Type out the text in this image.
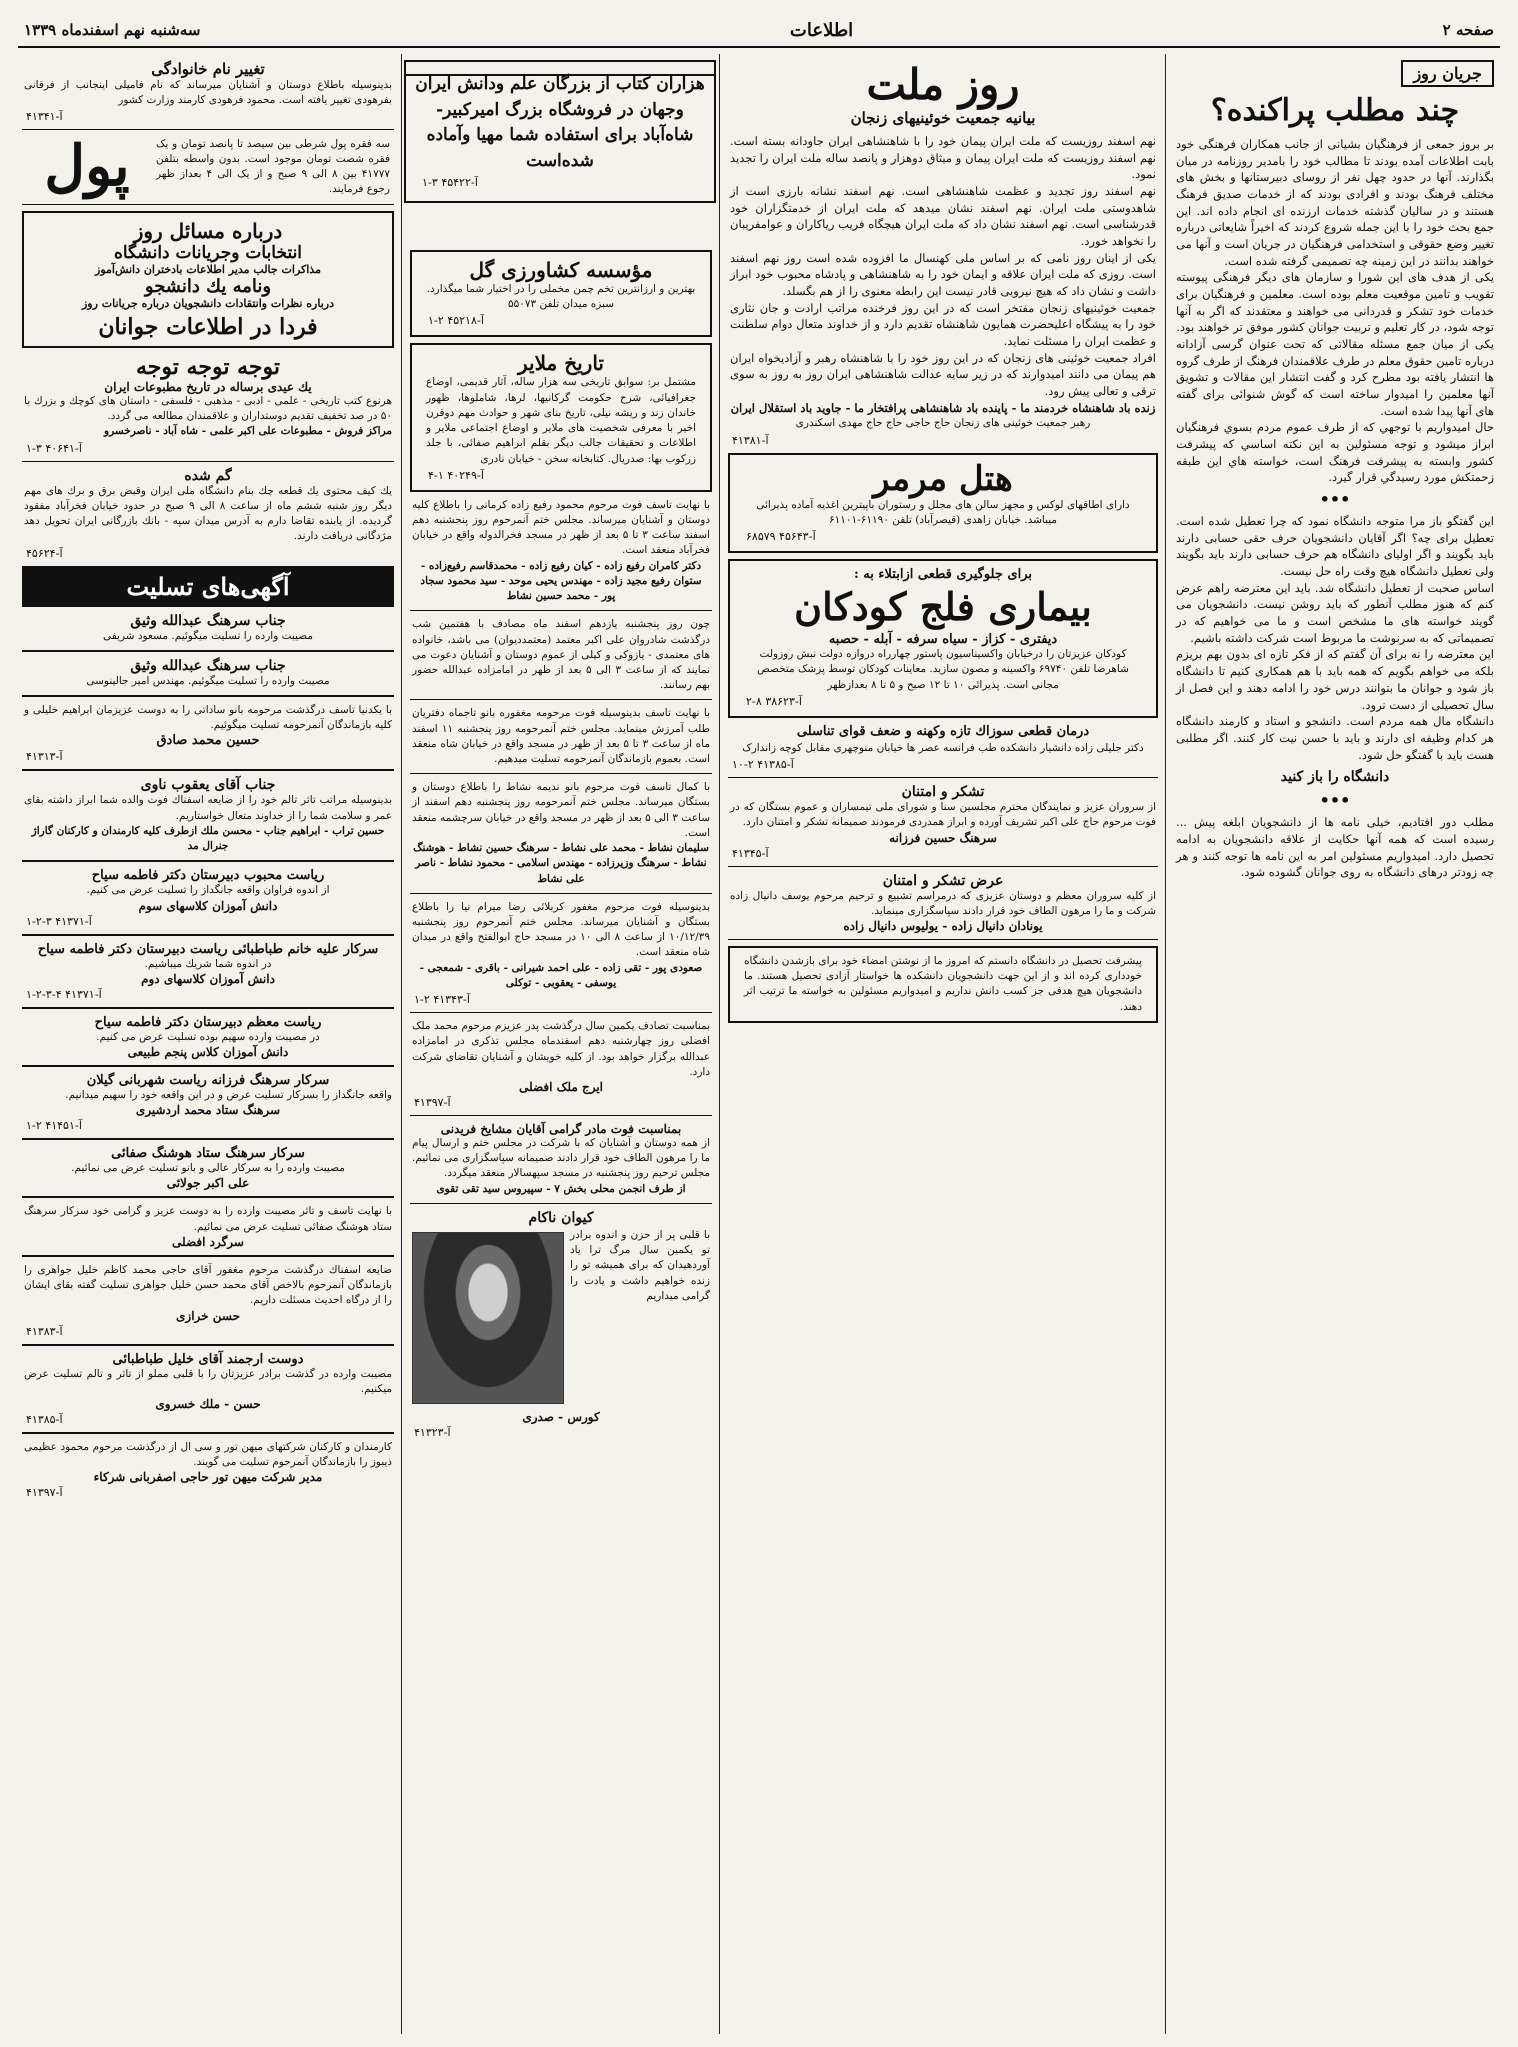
صفحه ۲
اطلاعات
سه‌شنبه نهم اسفندماه ۱۳۳۹
جریان روز
چند مطلب پراکنده؟

بر بروز جمعی از فرهنگیان بشیانی از جانب همکاران فرهنگی خود بابت اطلاعات آمده بودند تا مطالب خود را بامدیر روزنامه در میان بگذارند. آنها در حدود چهل نفر از روسای دبیرستانها و بخش های مختلف فرهنگ بودند و افرادی بودند که از خدمات صدیق فرهنگ هستند و در سالیان گذشته خدمات ارزنده ای انجام داده اند. این جمع بحث خود را با این جمله شروع کردند که اخیراً شایعاتی درباره تغییر وضع حقوقی و استخدامی فرهنگیان در جریان است و آنها می خواهند بدانند در این زمینه چه تصمیمی گرفته شده است.

یکی از هدف های این شورا و سازمان های دیگر فرهنگی پیوسته تقویب و تامین موقعیت معلم بوده است. معلمین و فرهنگیان برای خدمات خود تشکر و قدردانی می خواهند و معتقدند که اگر به آنها توجه شود، در کار تعلیم و تربیت جوانان کشور موفق تر خواهند بود.

یکی از میان جمع مسئله مقالاتی که تحت عنوان گرسی آزادانه درباره تامین حقوق معلم در طرف علاقمندان فرهنگ از طرف گروه ها انتشار یافته بود مطرح کرد و گفت انتشار این مقالات و تشویق آنها معلمین را امیدوار ساخته است که گوش شنوائی برای گفته های آنها پیدا شده است.

حال اميدواريم با توجهي كه از طرف عموم مردم بسوي فرهنگيان ابراز ميشود و توجه مسئولين به اين نكته اساسي كه پيشرفت كشور وابسته به پيشرفت فرهنگ است، خواسته هاي اين طبقه زحمتكش مورد رسيدگي قرار گيرد.

•••

این گفتگو باز مرا متوجه دانشگاه نمود که چرا تعطیل شده است. تعطیل برای چه؟ اگر آقایان دانشجویان حرف حقی حسابی دارند باید بگویند و اگر اولیای دانشگاه هم حرف حسابی دارند باید بگویند ولی تعطیل دانشگاه هیچ وقت راه حل نیست.

اساس صحبت از تعطیل دانشگاه شد. باید این معترضه راهم عرض کنم که هنوز مطلب آنطور که باید روشن نیست. دانشجویان می گویند خواسته های ما مشخص است و ما می خواهیم که در تصمیماتی که به سرنوشت ما مربوط است شرکت داشته باشیم.

این معترضه را نه برای آن گفتم که از فکر تازه ای بدون بهم بریزم بلکه می خواهم بگویم که همه باید با هم همکاری کنیم تا دانشگاه باز شود و جوانان ما بتوانند درس خود را ادامه دهند و این فصل از سال تحصیلی از دست نرود.

دانشگاه مال همه مردم است. دانشجو و استاد و کارمند دانشگاه هر کدام وظیفه ای دارند و باید با حسن نیت کار کنند. اگر مطلبی هست باید با گفتگو حل شود.

دانشگاه را باز کنید
•••

مطلب دور افتادیم، خیلی نامه ها از دانشجویان ابلغه پیش ... رسیده است که همه آنها حکایت از علاقه دانشجویان به ادامه تحصیل دارد. امیدواریم مسئولین امر به این نامه ها توجه کنند و هر چه زودتر درهای دانشگاه به روی جوانان گشوده شود.

روز ملت
بیانیه جمعیت خوئینیهای زنجان

نهم اسفند روزیست که ملت ایران پیمان خود را با شاهنشاهی ایران جاودانه بسته است. نهم اسفند روزیست که ملت ایران پیمان و میثاق دوهزار و پانصد ساله ملت ایران را تجدید نمود.

نهم اسفند روز تجدید و عظمت شاهنشاهی است. نهم اسفند نشانه بارزی است از شاهدوستی ملت ایران. نهم اسفند نشان میدهد که ملت ایران از خدمتگزاران خود قدرشناسی است. نهم اسفند نشان داد که ملت ایران هیچگاه فریب ریاکاران و عوامفریبان را نخواهد خورد.

یکی از اینان روز نامی که بر اساس ملی کهنسال ما افزوده شده است روز نهم اسفند است. روزی که ملت ایران علاقه و ایمان خود را به شاهنشاهی و پادشاه محبوب خود ابراز داشت و نشان داد که هیچ نیرویی قادر نیست این رابطه معنوی را از هم بگسلد.

جمعیت خوئینیهای زنجان مفتخر است که در این روز فرخنده مراتب ارادت و جان نثاری خود را به پیشگاه اعلیحضرت همایون شاهنشاه تقدیم دارد و از خداوند متعال دوام سلطنت و عظمت ایران را مسئلت نماید.

افراد جمعیت خوئینی های زنجان که در این روز خود را با شاهنشاه رهبر و آزادیخواه ایران هم پیمان می دانند امیدوارند که در زیر سایه عدالت شاهنشاهی ایران روز به روز به سوی ترقی و تعالی پیش رود.

زنده باد شاهنشاه خردمند ما - پاینده باد شاهنشاهی پرافتخار ما - جاوید باد استقلال ایران

رهبر جمعیت خوئینی های زنجان حاج حاجی حاج حاج مهدی اسکندری

آ-۴۱۳۸۱
هتل مرمر

دارای اطاقهای لوکس و مجهز سالن های مجلل و رستوران باپیترین اغذیه آماده پذیرائی میباشد. خیابان زاهدی (قیصرآباد) تلفن ۶۱۱۹۰-۶۱۱۰۱

آ-۴۵۶۴۳ ۶۸۵۷۹
برای جلوگیری قطعی ازابتلاء به :
بیماری فلج کودکان
دیفتری - کزاز - سیاه سرفه - آبله - حصبه

کودکان عزیزتان را درخیابان واکسیناسیون پاستور چهارراه دروازه دولت نبش روزولت شاهرضا تلفن ۶۹۷۴۰ واکسینه و مصون سازید. معاینات کودکان توسط پزشک متخصص مجانی است. پذیرائی ۱۰ تا ۱۲ صبح و ۵ تا ۸ بعدازظهر

آ-۳۸۶۲۳ ۸-۲
درمان قطعی سوزاك تازه وکهنه و ضعف قوای تناسلی

دکتر جلیلی زاده دانشیار دانشکده طب فرانسه عصر ها خیابان منوچهری مقابل کوچه زاندارک

آ-۴۱۳۸۵ ۲-۱۰
تشکر و امتنان

از سروران عزیز و نمایندگان محترم مجلسین سنا و شورای ملی تیمساران و عموم بستگان که در فوت مرحوم حاج علی اکبر تشریف آورده و ابراز همدردی فرمودند صمیمانه تشکر و امتنان دارد.

سرهنگ حسین فرزانه
آ-۴۱۳۴۵
عرض تشکر و امتنان

از کلیه سروران معظم و دوستان عزیزی که درمراسم تشییع و ترحیم مرحوم یوسف دانیال زاده شرکت و ما را مرهون الطاف خود قرار دادند سپاسگزاری مینماید.

یونادان دانیال زاده - یولیوس دانیال زاده

پیشرفت تحصیل در دانشگاه دانستم که امروز ما از نوشتن امضاء خود برای بازشدن دانشگاه خودداری کرده اند و از این جهت دانشجویان دانشکده ها خواستار آزادی تحصیل هستند. ما دانشجویان هیچ هدفی جز کسب دانش نداریم و امیدواریم مسئولین به خواسته ما ترتیب اثر دهند.

هزاران کتاب از بزرگان علم ودانش ایران وجهان در فروشگاه بزرگ امیرکبیر- شاه‌آباد برای استفاده شما مهیا وآماده شده‌است
آ-۴۵۴۲۲ ۳-۱
مؤسسه کشاورزی گل

بهترین و ارزانترین تخم چمن مخملی را در اختیار شما میگذارد. سبزه میدان تلفن ۵۵۰۷۳

آ-۴۵۲۱۸ ۲-۱
تاریخ ملایر

مشتمل بر: سوابق تاریخی سه هزار ساله، آثار قدیمی، اوضاع جغرافیائی، شرح حکومت گرکانیها، لرها، شاملوها، ظهور خاندان زند و ریشه نیلی، تاریخ بنای شهر و حوادث مهم دوقرن اخیر با معرفی شخصیت های ملایر و اوضاع اجتماعی ملایر و اطلاعات و تحقیقات جالب دیگر بقلم ابراهیم صفائی، با جلد زرکوب بها: صدریال. کتابخانه سخن - خیابان نادری

آ-۴۰۲۴۹ ۱-۴

با نهایت تاسف فوت مرحوم محمود رفیع زاده کرمانی را باطلاع کلیه دوستان و آشنایان میرساند. مجلس ختم آنمرحوم روز پنجشنبه دهم اسفند ساعت ۳ تا ۵ بعد از ظهر در مسجد فخرالدوله واقع در خیابان فخرآباد منعقد است.

دکتر کامران رفیع زاده - کیان رفیع زاده - محمدقاسم رفیع‌زاده - ستوان رفیع مجید زاده - مهندس یحیی موحد - سید محمود سجاد پور - محمد حسین نشاط

چون روز پنجشنبه یازدهم اسفند ماه مصادف با هفتمین شب درگذشت شادروان علی اکبر معتمد (معتمددیوان) می باشد، خانواده های معتمدی - یازوکی و کیلی از عموم دوستان و آشنایان دعوت می نمایند که از ساعت ۳ الی ۵ بعد از ظهر در امامزاده عبدالله حضور بهم رسانند.

با نهایت تاسف بدینوسیله فوت مرحومه مغفوره بانو تاجماه دفتریان طلب آمرزش مینماید. مجلس ختم آنمرحومه روز پنجشنبه ۱۱ اسفند ماه از ساعت ۳ تا ۵ بعد از ظهر در مسجد واقع در خیابان شاه منعقد است. بعموم بازماندگان آنمرحومه تسلیت میدهیم.

با کمال تاسف فوت مرحوم بانو ندیمه نشاط را باطلاع دوستان و بستگان میرساند. مجلس ختم آنمرحومه روز پنجشنبه دهم اسفند از ساعت ۳ الی ۵ بعد از ظهر در مسجد واقع در خیابان سرچشمه منعقد است.

سلیمان نشاط - محمد علی نشاط - سرهنگ حسین نشاط - هوشنگ نشاط - سرهنگ وزیرزاده - مهندس اسلامی - محمود نشاط - ناصر علی نشاط

بدینوسیله فوت مرحوم مغفور کربلائی رضا میرام نیا را باطلاع بستگان و آشنایان میرساند. مجلس ختم آنمرحوم روز پنجشنبه ۱۰/۱۲/۳۹ از ساعت ۸ الی ۱۰ در مسجد حاج ابوالفتح واقع در میدان شاه منعقد است.

صعودی پور - تقی زاده - علی احمد شیرانی - باقری - شمعجی - یوسفی - یعقوبی - توکلی

آ-۴۱۳۴۳ ۲-۱

بمناسبت تصادف یکمین سال درگذشت پدر عزیزم مرحوم محمد ملک افضلی روز چهارشنبه دهم اسفندماه مجلس تذکری در امامزاده عبدالله برگزار خواهد بود. از کلیه خویشان و آشنایان تقاضای شرکت دارد.

ایرج ملک افضلی
آ-۴۱۳۹۷
بمناسبت فوت مادر گرامی آقایان مشایخ فریدنی

از همه دوستان و آشنایان که با شرکت در مجلس ختم و ارسال پیام ما را مرهون الطاف خود قرار دادند صمیمانه سپاسگزاری می نمائیم. مجلس ترحیم روز پنجشنبه در مسجد سپهسالار منعقد میگردد.

از طرف انجمن محلی بخش ۷ - سپیروس سید تقی تقوی

کیوان ناکام

با قلبی پر از حزن و اندوه برادر تو یکمین سال مرگ ترا یاد آوردهیدان که برای همیشه تو را زنده خواهیم داشت و یادت را گرامی میداریم

کورس - صدری
آ-۴۱۳۲۳
تغییر نام خانوادگی

بدینوسیله باطلاع دوستان و آشنایان میرساند که نام فامیلی اینجانب از فرقانی بفرهودی تغییر یافته است. محمود فرهودی کارمند وزارت کشور

آ-۴۱۳۴۱

سه فقره پول شرطی بین سیصد تا پانصد تومان و یک فقره شصت تومان موجود است. بدون واسطه بتلفن ۴۱۷۷۷ بین ۸ الی ۹ صبح و از یک الی ۴ بعداز ظهر رجوع فرمایند.

پول
درباره مسائل روز
انتخابات وجریانات دانشگاه
مذاکرات جالب مدیر اطلاعات بادختران دانش‌آموز
ونامه یك دانشجو
درباره نظرات وانتقادات دانشجویان درباره جریانات روز
فردا در اطلاعات جوانان
توجه توجه توجه
یك عیدی برساله در تاریخ مطبوعات ایران

هرنوع کتب تاریخی - علمی - ادبی - مذهبی - فلسفی - داستان های کوچك و بزرك با ۵۰ در صد تخفیف تقدیم دوستداران و علاقمندان مطالعه می گردد.

مراکز فروش - مطبوعات علی اکبر علمی - شاه آباد - ناصرخسرو

آ-۴۰۶۴۱ ۳-۱
گم شده

یك کیف محتوی یك قطعه چك بنام دانشگاه ملی ایران وقبض برق و برك های مهم دیگر روز شنبه ششم ماه از ساعت ۸ الی ۹ صبح در حدود خیابان فخرآباد مفقود گردیده. از یابنده تقاضا دارم به آدرس میدان سپه - بانك بازرگانی ایران تحویل دهد مژدگانی دریافت دارند.

آ-۴۵۶۲۴
آگهی‌های تسلیت
جناب سرهنگ عبدالله وثیق

مصیبت وارده را تسلیت میگوئیم. مسعود شریفی

جناب سرهنگ عبدالله وثیق

مصیبت وارده را تسلیت میگوئیم. مهندس امیر جالینوسی

با یکدنیا تاسف درگذشت مرحومه بانو ساداتی را به دوست عزیزمان ابراهیم خلیلی و کلیه بازماندگان آنمرحومه تسلیت میگوئیم.

حسین محمد صادق
آ-۴۱۳۱۳
جناب آقای یعقوب ناوی

بدینوسیله مراتب تاثر تالم خود را از ضایعه اسفناك فوت والده شما ابراز داشته بقای عمر و سلامت شما را از خداوند متعال خواستاریم.

حسین تراب - ابراهیم جناب - محسن ملك ازطرف کلیه کارمندان و کارکنان گاراژ جنرال مد

ریاست محبوب دبیرستان دکتر فاطمه سیاح

از اندوه فراوان واقعه جانگداز را تسلیت عرض می کنیم.

دانش آموزان کلاسهای سوم
آ-۴۱۳۷۱ ۳-۲-۱
سرکار علیه خانم طباطبائی ریاست دبیرستان دکتر فاطمه سیاح

در اندوه شما شریك میباشیم.

دانش آموزان کلاسهای دوم
آ-۴۱۳۷۱ ۴-۳-۲-۱
ریاست معظم دبیرستان دکتر فاطمه سیاح

در مصیبت وارده سهیم بوده تسلیت عرض می کنیم.

دانش آموزان کلاس پنجم طبیعی
سرکار سرهنگ فرزانه ریاست شهربانی گیلان

واقعه جانگداز را بسرکار تسلیت عرض و در این واقعه خود را سهیم میدانیم.

سرهنگ ستاد محمد اردشیری
آ-۴۱۴۵۱ ۲-۱
سرکار سرهنگ ستاد هوشنگ صفائی

مصیبت وارده را به سرکار عالی و بانو تسلیت عرض می نمائیم.

علی اکبر جولائی

با نهایت تاسف و تاثر مصیبت وارده را به دوست عزیز و گرامی خود سرکار سرهنگ ستاد هوشنگ صفائی تسلیت عرض می نمائیم.

سرگرد افضلی

ضایعه اسفناك درگذشت مرحوم مغفور آقای حاجی محمد کاظم خلیل جواهری را بازماندگان آنمرحوم بالاخص آقای محمد حسن خلیل جواهری تسلیت گفته بقای ایشان را از درگاه احدیت مسئلت داریم.

حسن خرازی
آ-۴۱۳۸۳
دوست ارجمند آقای خلیل طباطبائی

مصیبت وارده در گذشت برادر عزیزتان را با قلبی مملو از تاثر و تالم تسلیت عرض میکنیم.

حسن - ملك خسروی
آ-۴۱۳۸۵

کارمندان و کارکنان شرکتهای میهن تور و سی ال از درگذشت مرحوم محمود عظیمی ذیبوز را بازماندگان آنمرحوم تسلیت می گویند.

مدیر شرکت میهن تور حاجی اصفربانی شرکاء
آ-۴۱۳۹۷
